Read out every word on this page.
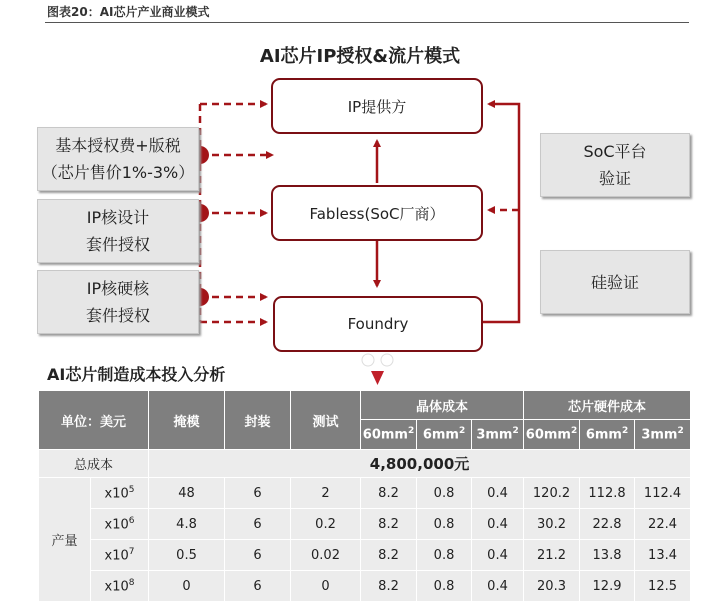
图表20：AI芯片产业商业模式
AI芯片IP授权&流片模式
基本授权费+版税
（芯片售价1%-3%）
IP核设计
套件授权
IP核硬核
套件授权
IP提供方
Fabless(SoC厂商）
Foundry
SoC平台
验证
硅验证
AI芯片制造成本投入分析
单位：美元		掩模	封装	测试	晶体成本			芯片硬件成本		
					$60mm^2$	$6mm^2$	$3mm^2$	$60mm^2$	$6mm^2$	$3mm^2$
总成本		4,800,000元								
产量	$x10^5$	48	6	2	8.2	0.8	0.4	120.2	112.8	112.4
	$x10^6$	4.8	6	0.2	8.2	0.8	0.4	30.2	22.8	22.4
	$x10^7$	0.5	6	0.02	8.2	0.8	0.4	21.2	13.8	13.4
	$x10^8$	0	6	0	8.2	0.8	0.4	20.3	12.9	12.5
